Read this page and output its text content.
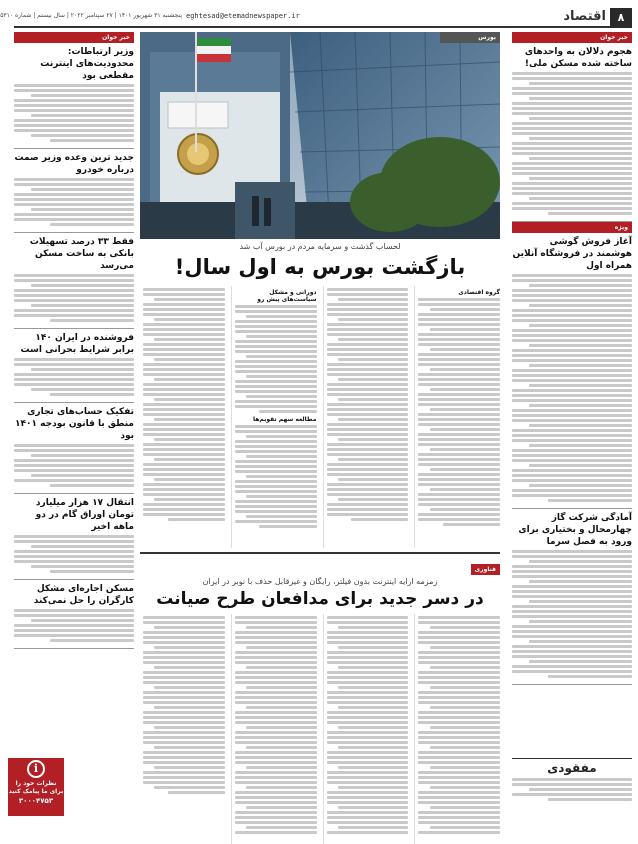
۸
اقتصاد
eghtesad@etemadnewspaper.ir
پنجشنبه ۳۱ شهریور ۱۴۰۱ | ۲۷ سپتامبر ۲۰۲۲ | سال بیستم | شماره ۵۳۱۰
خبر خوان
هجوم دلالان به واحدهای ساخته شده مسکن ملی!
ویژه
آغاز فروش گوشی هوشمند در فروشگاه آنلاین همراه اول
آمادگی شرکت گاز چهارمحال و بختیاری برای ورود به فصل سرما
مفقودی
خبر خوان
وزیر ارتباطات: محدودیت‌های اینترنت مقطعی بود
جدید ترین وعده وزیر صمت درباره خودرو
فقط ۳۳ درصد تسهیلات بانکی به ساخت مسکن می‌رسد
فروشنده در ایران ۱۴۰ برابر شرایط بحرانی است
تفکیک حساب‌های تجاری منطق با قانون بودجه ۱۴۰۱ بود
انتقال ۱۷ هزار میلیارد تومان اوراق گام در دو ماهه اخیر
مسکن اجاره‌ای مشکل کارگران را حل نمی‌کند
بورس
لحساب گذشت و سرمایه مردم در بورس آب شد
بازگشت بورس به اول سال!
گروه اقتصادی
دورانی و مشکل سیاست‌های پیش رو
مطالعه سهم تقویم‌ها
فناوری
زمزمه ارایه اینترنت بدون فیلتر، رایگان و غیرقابل حذف با نوبر در ایران
در دسر جدید برای مدافعان طرح صیانت
i
نظرات خود را برای ما پیامک کنید
۳۰۰۰۴۷۵۳
